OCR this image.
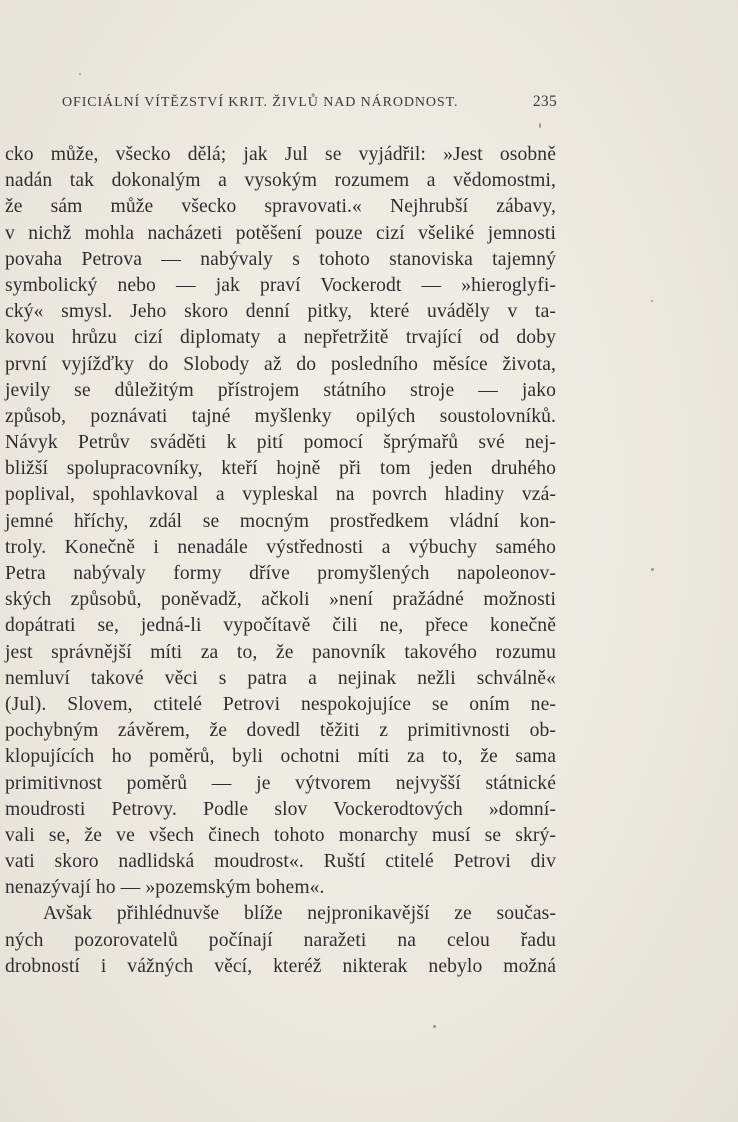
OFICIÁLNÍ VÍTĚZSTVÍ KRIT. ŽIVLŮ NAD NÁRODNOST.	235
cko může, všecko dělá; jak Jul se vyjádřil: »Jest osobně
nadán tak dokonalým a vysokým rozumem a vědomostmi,
že sám může všecko spravovati.« Nejhrubší zábavy,
v nichž mohla nacházeti potěšení pouze cizí všeliké jemnosti
povaha Petrova — nabývaly s tohoto stanoviska tajemný
symbolický nebo — jak praví Vockerodt — »hieroglyfi-
cký« smysl. Jeho skoro denní pitky, které uváděly v ta-
kovou hrůzu cizí diplomaty a nepřetržitě trvající od doby
první vyjížďky do Slobody až do posledního měsíce života,
jevily se důležitým přístrojem státního stroje — jako
způsob, poznávati tajné myšlenky opilých soustolovníků.
Návyk Petrův sváděti k pití pomocí šprýmařů své nej-
bližší spolupracovníky, kteří hojně při tom jeden druhého
poplival, spohlavkoval a vypleskal na povrch hladiny vzá-
jemné hříchy, zdál se mocným prostředkem vládní kon-
troly. Konečně i nenadále výstřednosti a výbuchy samého
Petra nabývaly formy dříve promyšlených napoleonov-
ských způsobů, poněvadž, ačkoli »není pražádné možnosti
dopátrati se, jedná-li vypočítavě čili ne, přece konečně
jest správnější míti za to, že panovník takového rozumu
nemluví takové věci s patra a nejinak nežli schválně«
(Jul). Slovem, ctitelé Petrovi nespokojujíce se oním ne-
pochybným závěrem, že dovedl těžiti z primitivnosti ob-
klopujících ho poměrů, byli ochotni míti za to, že sama
primitivnost poměrů — je výtvorem nejvyšší státnické
moudrosti Petrovy. Podle slov Vockerodtových »domní-
vali se, že ve všech činech tohoto monarchy musí se skrý-
vati skoro nadlidská moudrost«. Ruští ctitelé Petrovi div
nenazývají ho — »pozemským bohem«.
Avšak přihlédnuvše blíže nejpronikavější ze součas-
ných pozorovatelů počínají naražeti na celou řadu
drobností i vážných věcí, kteréž nikterak nebylo možná
